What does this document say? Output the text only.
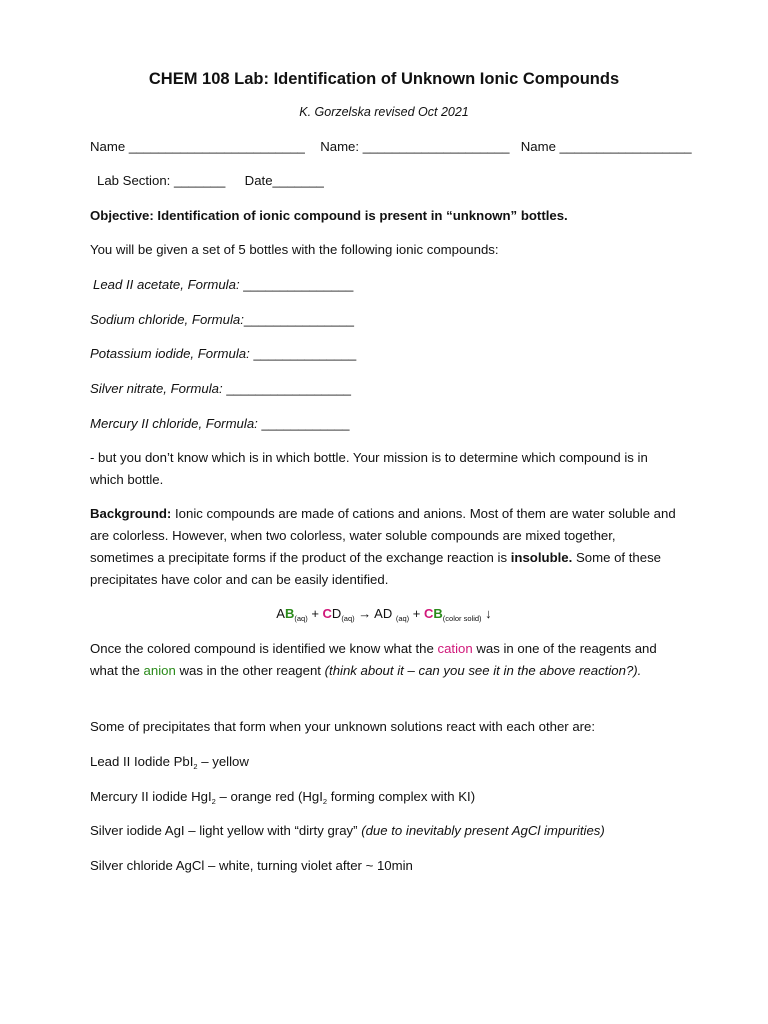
CHEM 108 Lab: Identification of Unknown Ionic Compounds
K. Gorzelska revised Oct 2021
Name ________________________ Name: ____________________ Name __________________
Lab Section: _______ Date_______
Objective: Identification of ionic compound is present in “unknown” bottles.
You will be given a set of 5 bottles with the following ionic compounds:
Lead II acetate, Formula: _______________
Sodium chloride, Formula:_______________
Potassium iodide, Formula: ______________
Silver nitrate, Formula: _________________
Mercury II chloride, Formula: ____________
- but you don’t know which is in which bottle. Your mission is to determine which compound is in which bottle.
Background: Ionic compounds are made of cations and anions. Most of them are water soluble and are colorless. However, when two colorless, water soluble compounds are mixed together, sometimes a precipitate forms if the product of the exchange reaction is insoluble. Some of these precipitates have color and can be easily identified.
$AB_{(aq)} + CD_{(aq)}$ → AD $_{(aq)} + CB_{(color solid)}$ ↓
Once the colored compound is identified we know what the cation was in one of the reagents and what the anion was in the other reagent (think about it – can you see it in the above reaction?).
Some of precipitates that form when your unknown solutions react with each other are:
Lead II Iodide PbI$_2$ – yellow
Mercury II iodide HgI$_2$ – orange red (HgI$_2$ forming complex with KI)
Silver iodide AgI – light yellow with “dirty gray” (due to inevitably present AgCl impurities)
Silver chloride AgCl – white, turning violet after ~ 10min
